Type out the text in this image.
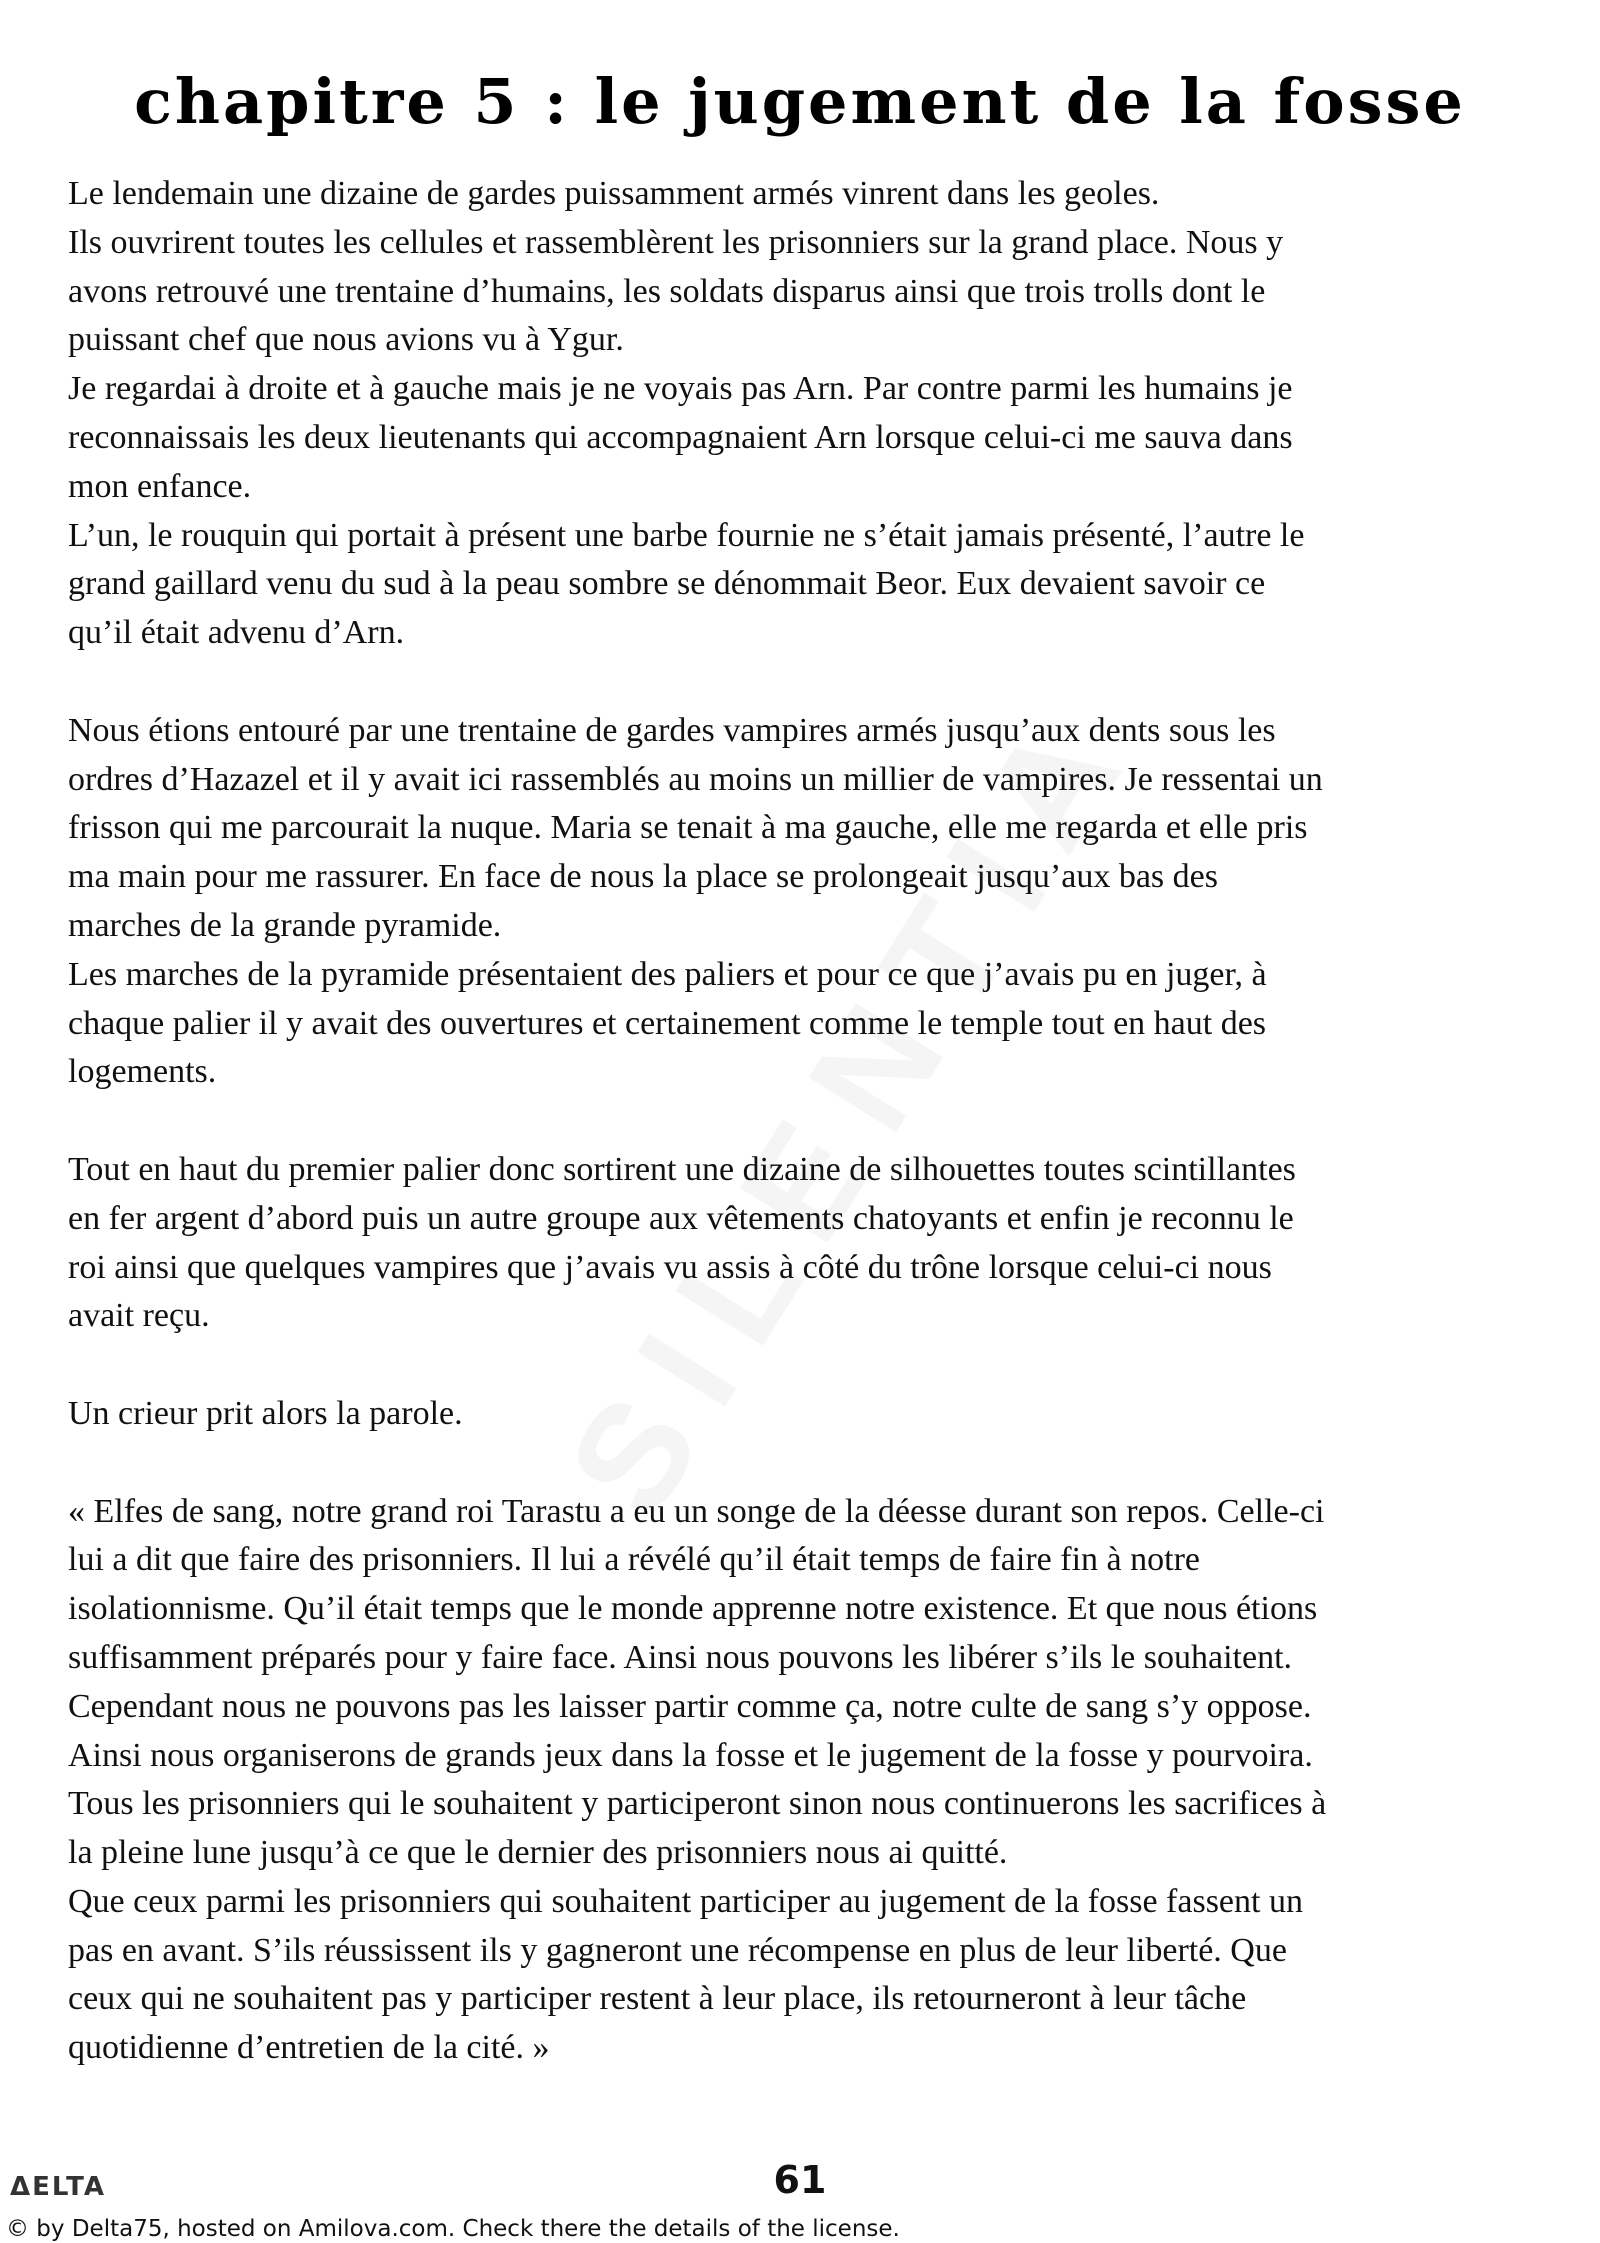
chapitre 5 : le jugement de la fosse

Le lendemain une dizaine de gardes puissamment armés vinrent dans les geoles.
Ils ouvrirent toutes les cellules et rassemblèrent les prisonniers sur la grand place. Nous y
avons retrouvé une trentaine d’humains, les soldats disparus ainsi que trois trolls dont le
puissant chef que nous avions vu à Ygur.
Je regardai à droite et à gauche mais je ne voyais pas Arn. Par contre parmi les humains je
reconnaissais les deux lieutenants qui accompagnaient Arn lorsque celui-ci me sauva dans
mon enfance.
L’un, le rouquin qui portait à présent une barbe fournie ne s’était jamais présenté, l’autre le
grand gaillard venu du sud à la peau sombre se dénommait Beor. Eux devaient savoir ce
qu’il était advenu d’Arn.

Nous étions entouré par une trentaine de gardes vampires armés jusqu’aux dents sous les
ordres d’Hazazel et il y avait ici rassemblés au moins un millier de vampires. Je ressentai un
frisson qui me parcourait la nuque. Maria se tenait à ma gauche, elle me regarda et elle pris
ma main pour me rassurer. En face de nous la place se prolongeait jusqu’aux bas des
marches de la grande pyramide.
Les marches de la pyramide présentaient des paliers et pour ce que j’avais pu en juger, à
chaque palier il y avait des ouvertures et certainement comme le temple tout en haut des
logements.

Tout en haut du premier palier donc sortirent une dizaine de silhouettes toutes scintillantes
en fer argent d’abord puis un autre groupe aux vêtements chatoyants et enfin je reconnu le
roi ainsi que quelques vampires que j’avais vu assis à côté du trône lorsque celui-ci nous
avait reçu.

Un crieur prit alors la parole.

« Elfes de sang, notre grand roi Tarastu a eu un songe de la déesse durant son repos. Celle-ci
lui a dit que faire des prisonniers. Il lui a révélé qu’il était temps de faire fin à notre
isolationnisme. Qu’il était temps que le monde apprenne notre existence. Et que nous étions
suffisamment préparés pour y faire face. Ainsi nous pouvons les libérer s’ils le souhaitent.
Cependant nous ne pouvons pas les laisser partir comme ça, notre culte de sang s’y oppose.
Ainsi nous organiserons de grands jeux dans la fosse et le jugement de la fosse y pourvoira.
Tous les prisonniers qui le souhaitent y participeront sinon nous continuerons les sacrifices à
la pleine lune jusqu’à ce que le dernier des prisonniers nous ai quitté.
Que ceux parmi les prisonniers qui souhaitent participer au jugement de la fosse fassent un
pas en avant. S’ils réussissent ils y gagneront une récompense en plus de leur liberté. Que
ceux qui ne souhaitent pas y participer restent à leur place, ils retourneront à leur tâche
quotidienne d’entretien de la cité. »

ΔELTA	61
© by Delta75, hosted on Amilova.com. Check there the details of the license.
